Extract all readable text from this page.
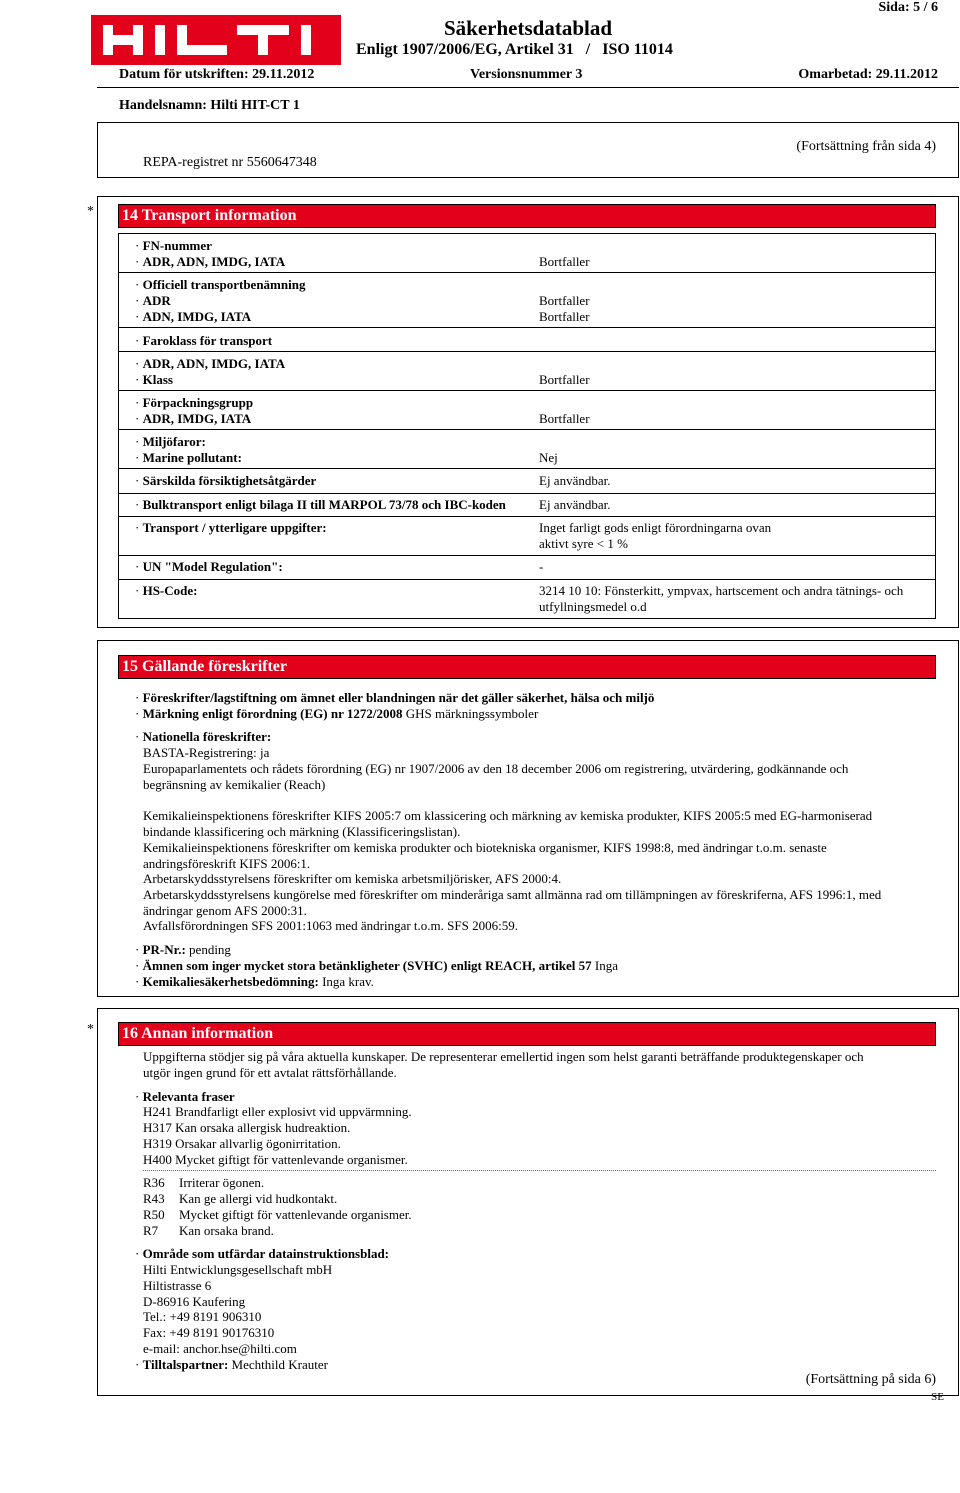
Sida: 5 / 6
Säkerhetsdatablad
Enligt 1907/2006/EG, Artikel 31   /   ISO 11014
Datum för utskriften: 29.11.2012	Versionsnummer 3	Omarbetad: 29.11.2012
Handelsnamn: Hilti HIT-CT 1
REPA-registret nr 5560647348
(Fortsättning från sida 4)
* 14 Transport information
· FN-nummer
· ADR, ADN, IMDG, IATA	Bortfaller
· Officiell transportbenämning
· ADR	Bortfaller
· ADN, IMDG, IATA	Bortfaller
· Faroklass för transport
· ADR, ADN, IMDG, IATA
· Klass	Bortfaller
· Förpackningsgrupp
· ADR, IMDG, IATA	Bortfaller
· Miljöfaror:
· Marine pollutant:	Nej
· Särskilda försiktighetsåtgärder	Ej användbar.
· Bulktransport enligt bilaga II till MARPOL 73/78 och IBC-koden	Ej användbar.
· Transport / ytterligare uppgifter:	Inget farligt gods enligt förordningarna ovan
aktivt syre < 1 %
· UN "Model Regulation":	-
· HS-Code:	3214 10 10: Fönsterkitt, ympvax, hartscement och andra tätnings- och
utfyllningsmedel o.d
15 Gällande föreskrifter
· Föreskrifter/lagstiftning om ämnet eller blandningen när det gäller säkerhet, hälsa och miljö
· Märkning enligt förordning (EG) nr 1272/2008 GHS märkningssymboler
· Nationella föreskrifter:
BASTA-Registrering: ja
Europaparlamentets och rådets förordning (EG) nr 1907/2006 av den 18 december 2006 om registrering, utvärdering, godkännande och
begränsning av kemikalier (Reach)
Kemikalieinspektionens föreskrifter KIFS 2005:7 om klassicering och märkning av kemiska produkter, KIFS 2005:5 med EG-harmoniserad
bindande klassificering och märkning (Klassificeringslistan).
Kemikalieinspektionens föreskrifter om kemiska produkter och biotekniska organismer, KIFS 1998:8, med ändringar t.o.m. senaste
andringsföreskrift KIFS 2006:1.
Arbetarskyddsstyrelsens föreskrifter om kemiska arbetsmiljörisker, AFS 2000:4.
Arbetarskyddsstyrelsens kungörelse med föreskrifter om minderåriga samt allmänna rad om tillämpningen av föreskriferna, AFS 1996:1, med
ändringar genom AFS 2000:31.
Avfallsförordningen SFS 2001:1063 med ändringar t.o.m. SFS 2006:59.
· PR-Nr.: pending
· Ämnen som inger mycket stora betänkligheter (SVHC) enligt REACH, artikel 57 Inga
· Kemikaliesäkerhetsbedömning: Inga krav.
* 16 Annan information
Uppgifterna stödjer sig på våra aktuella kunskaper. De representerar emellertid ingen som helst garanti beträffande produktegenskaper och
utgör ingen grund för ett avtalat rättsförhållande.
· Relevanta fraser
H241 Brandfarligt eller explosivt vid uppvärmning.
H317 Kan orsaka allergisk hudreaktion.
H319 Orsakar allvarlig ögonirritation.
H400 Mycket giftigt för vattenlevande organismer.
R36 Irriterar ögonen.
R43 Kan ge allergi vid hudkontakt.
R50 Mycket giftigt för vattenlevande organismer.
R7 Kan orsaka brand.
· Område som utfärdar datainstruktionsblad:
Hilti Entwicklungsgesellschaft mbH
Hiltistrasse 6
D-86916 Kaufering
Tel.: +49 8191 906310
Fax: +49 8191 90176310
e-mail: anchor.hse@hilti.com
· Tilltalspartner: Mechthild Krauter
(Fortsättning på sida 6)
SE
